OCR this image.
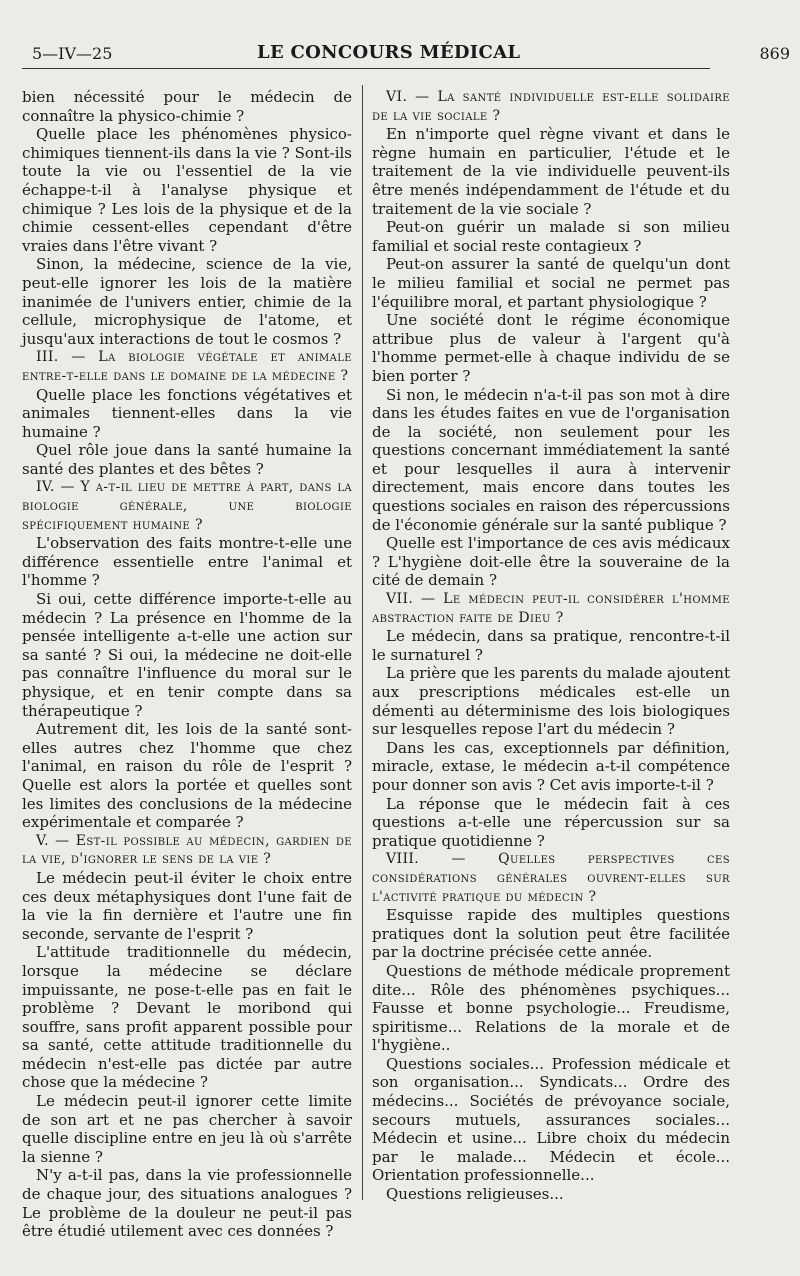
5—IV—25	LE CONCOURS MÉDICAL	869

bien nécessité pour le médecin de connaître la physico-chimie ?

Quelle place les phénomènes physico-chimiques tiennent-ils dans la vie ? Sont-ils toute la vie ou l'essentiel de la vie échappe-t-il à l'analyse physique et chimique ? Les lois de la physique et de la chimie cessent-elles cependant d'être vraies dans l'être vivant ?

Sinon, la médecine, science de la vie, peut-elle ignorer les lois de la matière inanimée de l'univers entier, chimie de la cellule, microphysique de l'atome, et jusqu'aux interactions de tout le cosmos ?

III. — La biologie végétale et animale entre-t-elle dans le domaine de la médecine ?

Quelle place les fonctions végétatives et animales tiennent-elles dans la vie humaine ?

Quel rôle joue dans la santé humaine la santé des plantes et des bêtes ?

IV. — Y a-t-il lieu de mettre à part, dans la biologie générale, une biologie spécifiquement humaine ?

L'observation des faits montre-t-elle une différence essentielle entre l'animal et l'homme ?

Si oui, cette différence importe-t-elle au médecin ? La présence en l'homme de la pensée intelligente a-t-elle une action sur sa santé ? Si oui, la médecine ne doit-elle pas connaître l'influence du moral sur le physique, et en tenir compte dans sa thérapeutique ?

Autrement dit, les lois de la santé sont-elles autres chez l'homme que chez l'animal, en raison du rôle de l'esprit ? Quelle est alors la portée et quelles sont les limites des conclusions de la médecine expérimentale et comparée ?

V. — Est-il possible au médecin, gardien de la vie, d'ignorer le sens de la vie ?

Le médecin peut-il éviter le choix entre ces deux métaphysiques dont l'une fait de la vie la fin dernière et l'autre une fin seconde, servante de l'esprit ?

L'attitude traditionnelle du médecin, lorsque la médecine se déclare impuissante, ne pose-t-elle pas en fait le problème ? Devant le moribond qui souffre, sans profit apparent possible pour sa santé, cette attitude traditionnelle du médecin n'est-elle pas dictée par autre chose que la médecine ?

Le médecin peut-il ignorer cette limite de son art et ne pas chercher à savoir quelle discipline entre en jeu là où s'arrête la sienne ?

N'y a-t-il pas, dans la vie professionnelle de chaque jour, des situations analogues ? Le problème de la douleur ne peut-il pas être étudié utilement avec ces données ?

VI. — La santé individuelle est-elle solidaire de la vie sociale ?

En n'importe quel règne vivant et dans le règne humain en particulier, l'étude et le traitement de la vie individuelle peuvent-ils être menés indépendamment de l'étude et du traitement de la vie sociale ?

Peut-on guérir un malade si son milieu familial et social reste contagieux ?

Peut-on assurer la santé de quelqu'un dont le milieu familial et social ne permet pas l'équilibre moral, et partant physiologique ?

Une société dont le régime économique attribue plus de valeur à l'argent qu'à l'homme permet-elle à chaque individu de se bien porter ?

Si non, le médecin n'a-t-il pas son mot à dire dans les études faites en vue de l'organisation de la société, non seulement pour les questions concernant immédiatement la santé et pour lesquelles il aura à intervenir directement, mais encore dans toutes les questions sociales en raison des répercussions de l'économie générale sur la santé publique ?

Quelle est l'importance de ces avis médicaux ? L'hygiène doit-elle être la souveraine de la cité de demain ?

VII. — Le médecin peut-il considérer l'homme abstraction faite de Dieu ?

Le médecin, dans sa pratique, rencontre-t-il le surnaturel ?

La prière que les parents du malade ajoutent aux prescriptions médicales est-elle un démenti au déterminisme des lois biologiques sur lesquelles repose l'art du médecin ?

Dans les cas, exceptionnels par définition, miracle, extase, le médecin a-t-il compétence pour donner son avis ? Cet avis importe-t-il ?

La réponse que le médecin fait à ces questions a-t-elle une répercussion sur sa pratique quotidienne ?

VIII. — Quelles perspectives ces considérations générales ouvrent-elles sur l'activité pratique du médecin ?

Esquisse rapide des multiples questions pratiques dont la solution peut être facilitée par la doctrine précisée cette année.

Questions de méthode médicale proprement dite... Rôle des phénomènes psychiques... Fausse et bonne psychologie... Freudisme, spiritisme... Relations de la morale et de l'hygiène..

Questions sociales... Profession médicale et son organisation... Syndicats... Ordre des médecins... Sociétés de prévoyance sociale, secours mutuels, assurances sociales... Médecin et usine... Libre choix du médecin par le malade... Médecin et école... Orientation professionnelle...

Questions religieuses...
